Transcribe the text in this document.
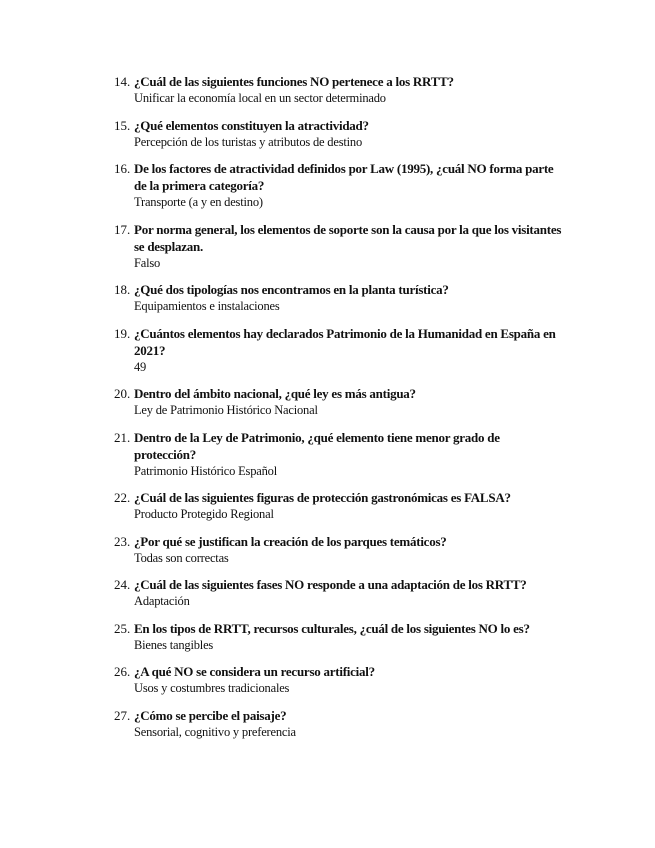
14. ¿Cuál de las siguientes funciones NO pertenece a los RRTT?
Unificar la economía local en un sector determinado
15. ¿Qué elementos constituyen la atractividad?
Percepción de los turistas y atributos de destino
16. De los factores de atractividad definidos por Law (1995), ¿cuál NO forma parte de la primera categoría?
Transporte (a y en destino)
17. Por norma general, los elementos de soporte son la causa por la que los visitantes se desplazan.
Falso
18. ¿Qué dos tipologías nos encontramos en la planta turística?
Equipamientos e instalaciones
19. ¿Cuántos elementos hay declarados Patrimonio de la Humanidad en España en 2021?
49
20. Dentro del ámbito nacional, ¿qué ley es más antigua?
Ley de Patrimonio Histórico Nacional
21. Dentro de la Ley de Patrimonio, ¿qué elemento tiene menor grado de protección?
Patrimonio Histórico Español
22. ¿Cuál de las siguientes figuras de protección gastronómicas es FALSA?
Producto Protegido Regional
23. ¿Por qué se justifican la creación de los parques temáticos?
Todas son correctas
24. ¿Cuál de las siguientes fases NO responde a una adaptación de los RRTT?
Adaptación
25. En los tipos de RRTT, recursos culturales, ¿cuál de los siguientes NO lo es?
Bienes tangibles
26. ¿A qué NO se considera un recurso artificial?
Usos y costumbres tradicionales
27. ¿Cómo se percibe el paisaje?
Sensorial, cognitivo y preferencia
